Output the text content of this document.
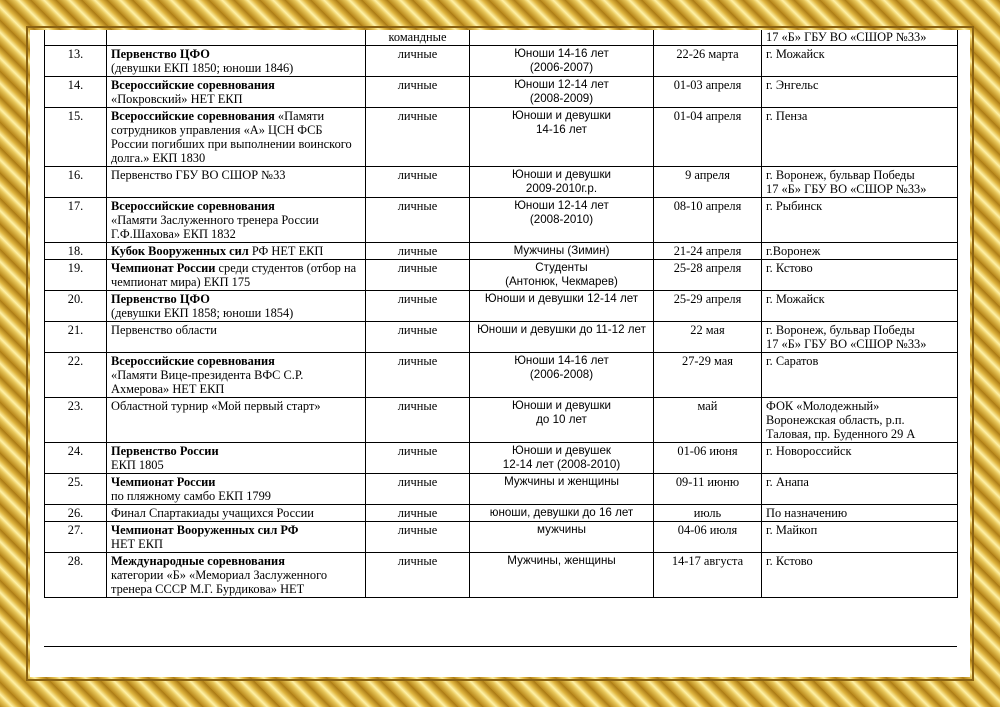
		командные			17 «Б» ГБУ ВО «СШОР №33»
13.	Первенство ЦФО
(девушки ЕКП 1850; юноши 1846)	личные	Юноши 14-16 лет
(2006-2007)	22-26 марта	г. Можайск

14.	Всероссийские соревнования
«Покровский» НЕТ ЕКП	личные	Юноши 12-14 лет
(2008-2009)	01-03 апреля	г. Энгельс

15.	Всероссийские соревнования «Памяти сотрудников управления «А» ЦСН ФСБ России погибших при выполнении воинского долга.» ЕКП 1830	личные	Юноши и девушки
14-16 лет	01-04 апреля	г. Пенза

16.	Первенство ГБУ ВО СШОР №33	личные	Юноши и девушки
2009-2010г.р.	9 апреля	г. Воронеж, бульвар Победы
17 «Б» ГБУ ВО «СШОР №33»

17.	Всероссийские соревнования
«Памяти Заслуженного тренера России Г.Ф.Шахова» ЕКП 1832	личные	Юноши 12-14 лет
(2008-2010)	08-10 апреля	г. Рыбинск

18.	Кубок Вооруженных сил РФ НЕТ ЕКП	личные	Мужчины (Зимин)	21-24 апреля	г.Воронеж

19.	Чемпионат России среди студентов (отбор на чемпионат мира) ЕКП 175	личные	Студенты
(Антонюк, Чекмарев)	25-28 апреля	г. Кстово

20.	Первенство ЦФО
(девушки ЕКП 1858; юноши 1854)	личные	Юноши и девушки 12-14 лет	25-29 апреля	г. Можайск

21.	Первенство области	личные	Юноши и девушки до 11-12 лет	22 мая	г. Воронеж, бульвар Победы
17 «Б» ГБУ ВО «СШОР №33»

22.	Всероссийские соревнования
«Памяти Вице-президента ВФС С.Р. Ахмерова» НЕТ ЕКП	личные	Юноши 14-16 лет
(2006-2008)	27-29 мая	г. Саратов

23.	Областной турнир «Мой первый старт»	личные	Юноши и девушки
до 10 лет	май	ФОК «Молодежный»
Воронежская область, р.п.
Таловая, пр. Буденного 29 А

24.	Первенство России
ЕКП 1805	личные	Юноши и девушек
12-14 лет (2008-2010)	01-06 июня	г. Новороссийск

25.	Чемпионат России
по пляжному самбо ЕКП 1799	личные	Мужчины и женщины	09-11 июню	г. Анапа

26.	Финал Спартакиады учащихся России	личные	юноши, девушки до 16 лет	июль	По назначению

27.	Чемпионат Вооруженных сил РФ
НЕТ ЕКП	личные	мужчины	04-06 июля	г. Майкоп

28.	Международные соревнования
категории «Б» «Мемориал Заслуженного тренера СССР М.Г. Бурдикова» НЕТ	личные	Мужчины, женщины	14-17 августа	г. Кстово
